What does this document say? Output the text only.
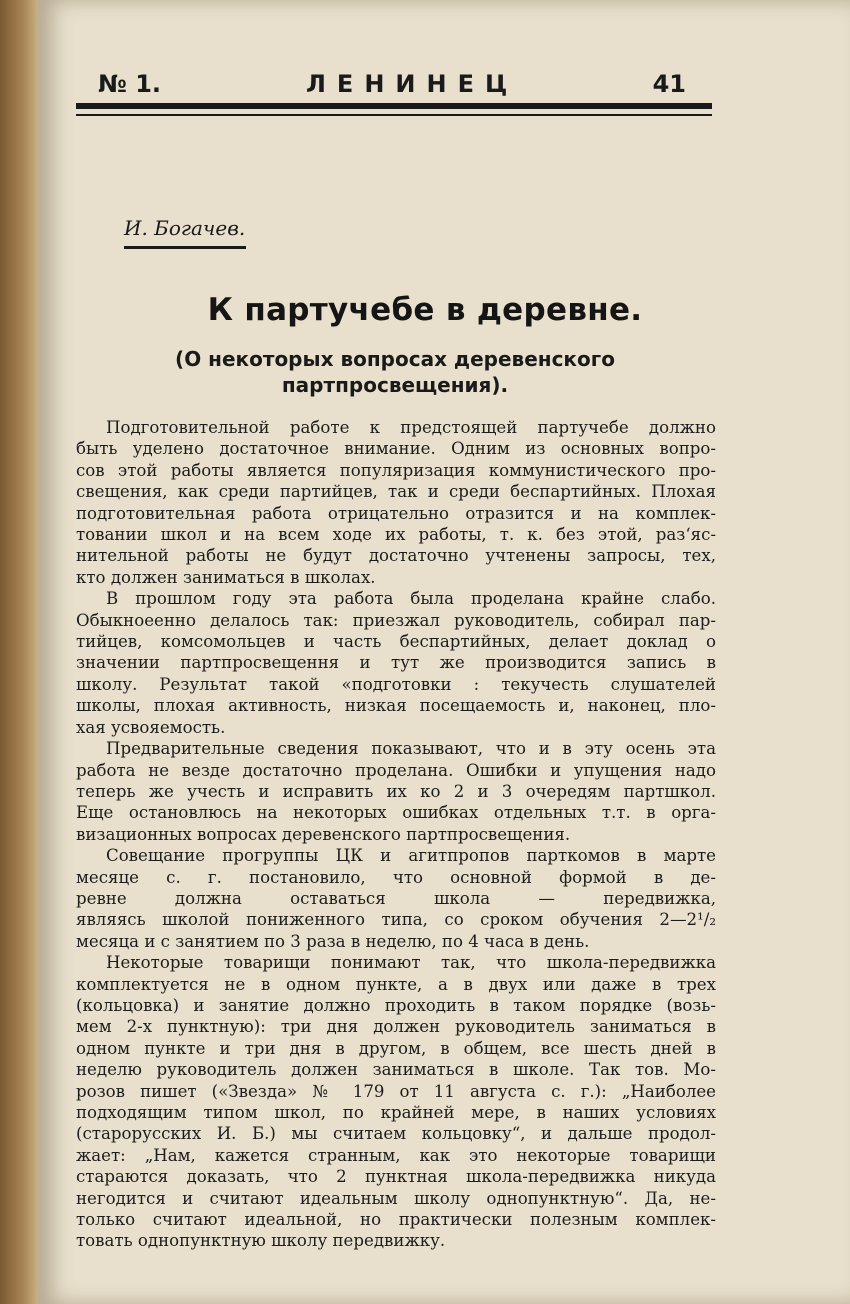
№ 1.	ЛЕНИНЕЦ	41
И. Богачев.
К партучебе в деревне.
(О некоторых вопросах деревенского
партпросвещения).
Подготовительной работе к предстоящей партучебе должно
быть уделено достаточное внимание. Одним из основных вопро-
сов этой работы является популяризация коммунистического про-
свещения, как среди партийцев, так и среди беспартийных. Плохая
подготовительная работа отрицательно отразится и на комплек-
товании школ и на всем ходе их работы, т. к. без этой, раз‘яс-
нительной работы не будут достаточно учтенены запросы, тех,
кто должен заниматься в школах.
В прошлом году эта работа была проделана крайне слабо.
Обыкноеенно делалось так: приезжал руководитель, собирал пар-
тийцев, комсомольцев и часть беспартийных, делает доклад о
значении партпросвещення и тут же производится запись в
школу. Результат такой «подготовки : текучесть слушателей
школы, плохая активность, низкая посещаемость и, наконец, пло-
хая усвояемость.
Предварительные сведения показывают, что и в эту осень эта
работа не везде достаточно проделана. Ошибки и упущения надо
теперь же учесть и исправить их ко 2 и 3 очередям партшкол.
Еще остановлюсь на некоторых ошибках отдельных т.т. в орга-
визационных вопросах деревенского партпросвещения.
Совещание прогруппы ЦК и агитпропов парткомов в марте
месяце с. г. постановило, что основной формой в де-
ревне должна оставаться школа — передвижка,
являясь школой пониженного типа, со сроком обучения 2—2¹/₂
месяца и с занятием по 3 раза в неделю, по 4 часа в день.
Некоторые товарищи понимают так, что школа-передвижка
комплектуется не в одном пункте, а в двух или даже в трех
(кольцовка) и занятие должно проходить в таком порядке (возь-
мем 2-х пунктную): три дня должен руководитель заниматься в
одном пункте и три дня в другом, в общем, все шесть дней в
неделю руководитель должен заниматься в школе. Так тов. Мо-
розов пишет («Звезда» № 179 от 11 августа с. г.): „Наиболее
подходящим типом школ, по крайней мере, в наших условиях
(старорусских И. Б.) мы считаем кольцовку“, и дальше продол-
жает: „Нам, кажется странным, как это некоторые товарищи
стараются доказать, что 2 пунктная школа-передвижка никуда
негодится и считают идеальным школу однопунктную“. Да, не-
только считают идеальной, но практически полезным комплек-
товать однопунктную школу передвижку.
